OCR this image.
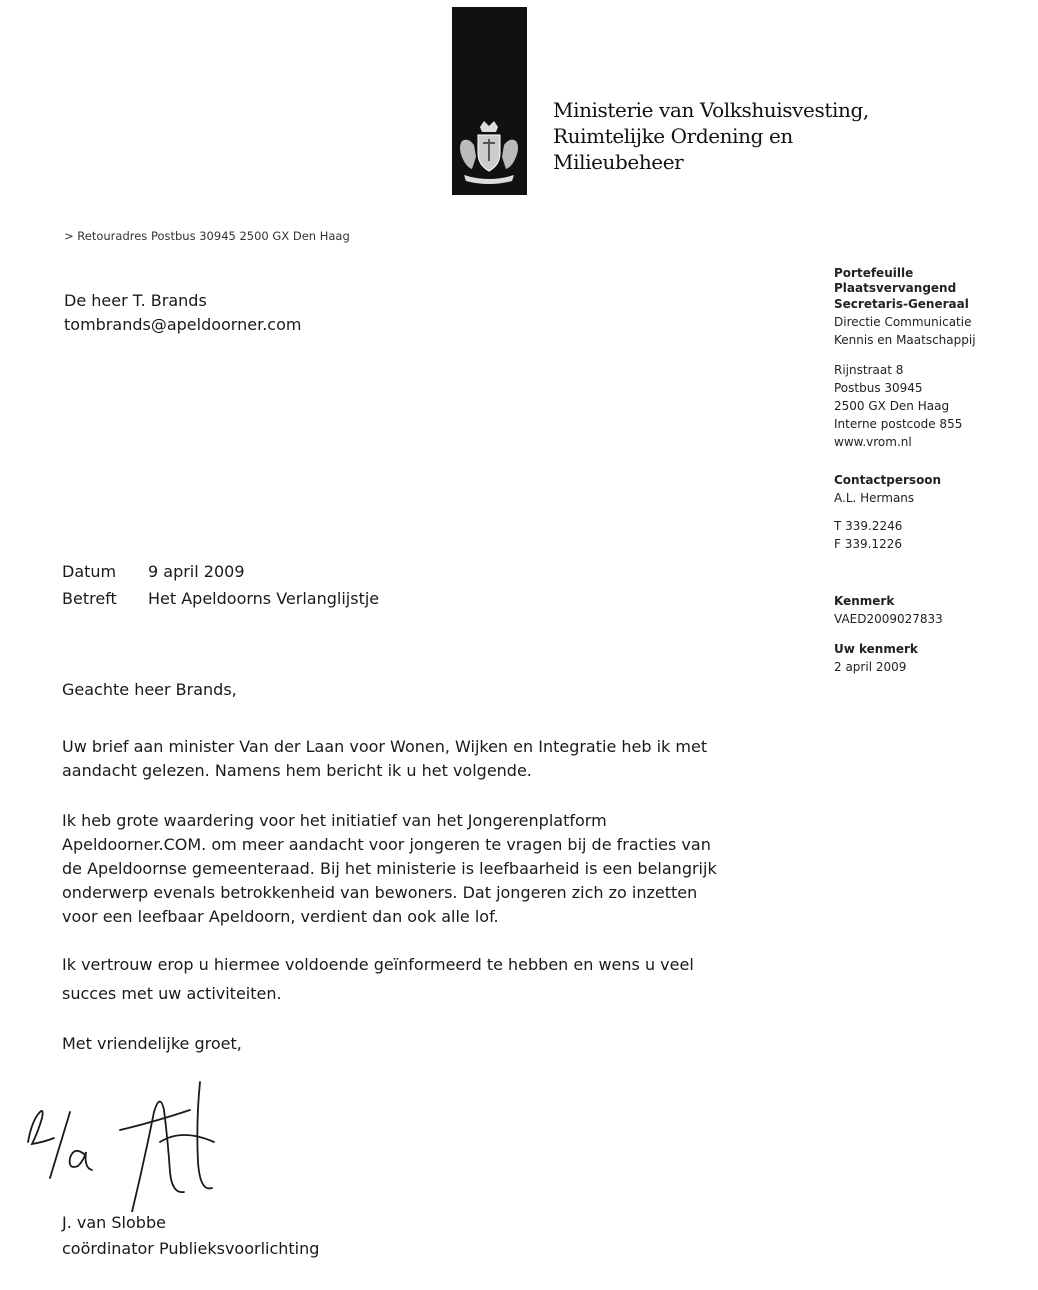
Ministerie van Volkshuisvesting,
Ruimtelijke Ordening en
Milieubeheer
> Retouradres Postbus 30945 2500 GX Den Haag
De heer T. Brands
tombrands@apeldoorner.com
Portefeuille
Plaatsvervangend
Secretaris-Generaal
Directie Communicatie
Kennis en Maatschappij
Rijnstraat 8
Postbus 30945
2500 GX Den Haag
Interne postcode 855
www.vrom.nl
Contactpersoon
A.L. Hermans
T 339.2246
F 339.1226
Kenmerk
VAED2009027833
Uw kenmerk
2 april 2009
Datum	9 april 2009
Betreft	Het Apeldoorns Verlanglijstje
Geachte heer Brands,
Uw brief aan minister Van der Laan voor Wonen, Wijken en Integratie heb ik met
aandacht gelezen. Namens hem bericht ik u het volgende.
Ik heb grote waardering voor het initiatief van het Jongerenplatform
Apeldoorner.COM. om meer aandacht voor jongeren te vragen bij de fracties van
de Apeldoornse gemeenteraad. Bij het ministerie is leefbaarheid is een belangrijk
onderwerp evenals betrokkenheid van bewoners. Dat jongeren zich zo inzetten
voor een leefbaar Apeldoorn, verdient dan ook alle lof.
Ik vertrouw erop u hiermee voldoende geïnformeerd te hebben en wens u veel
succes met uw activiteiten.
Met vriendelijke groet,
J. van Slobbe
coördinator Publieksvoorlichting
